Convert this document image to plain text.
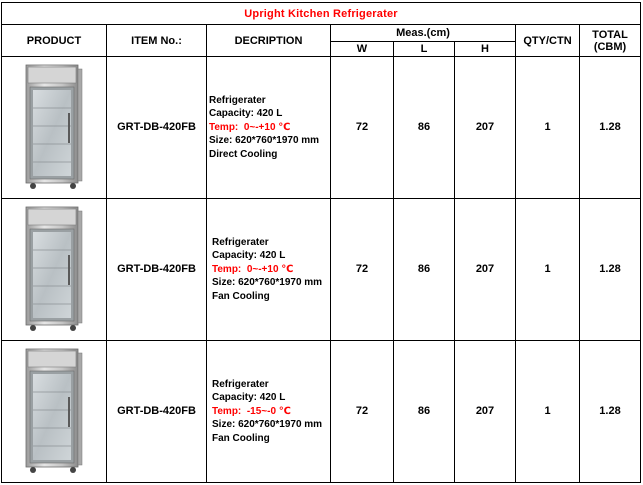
Upright Kitchen Refrigerater							
PRODUCT	ITEM No.:	DECRIPTION	Meas.(cm)			QTY/CTN	TOTAL
(CBM)

			W	L	H		

	GRT-DB-420FB	Refrigerater
Capacity: 420 L
Temp: 0~-+10 ℃
Size: 620*760*1970 mm
Direct Cooling	72	86	207	1	1.28

	GRT-DB-420FB	Refrigerater
Capacity: 420 L
Temp: 0~-+10 ℃
Size: 620*760*1970 mm
Fan Cooling	72	86	207	1	1.28

	GRT-DB-420FB	Refrigerater
Capacity: 420 L
Temp: -15~-0 ℃
Size: 620*760*1970 mm
Fan Cooling	72	86	207	1	1.28
